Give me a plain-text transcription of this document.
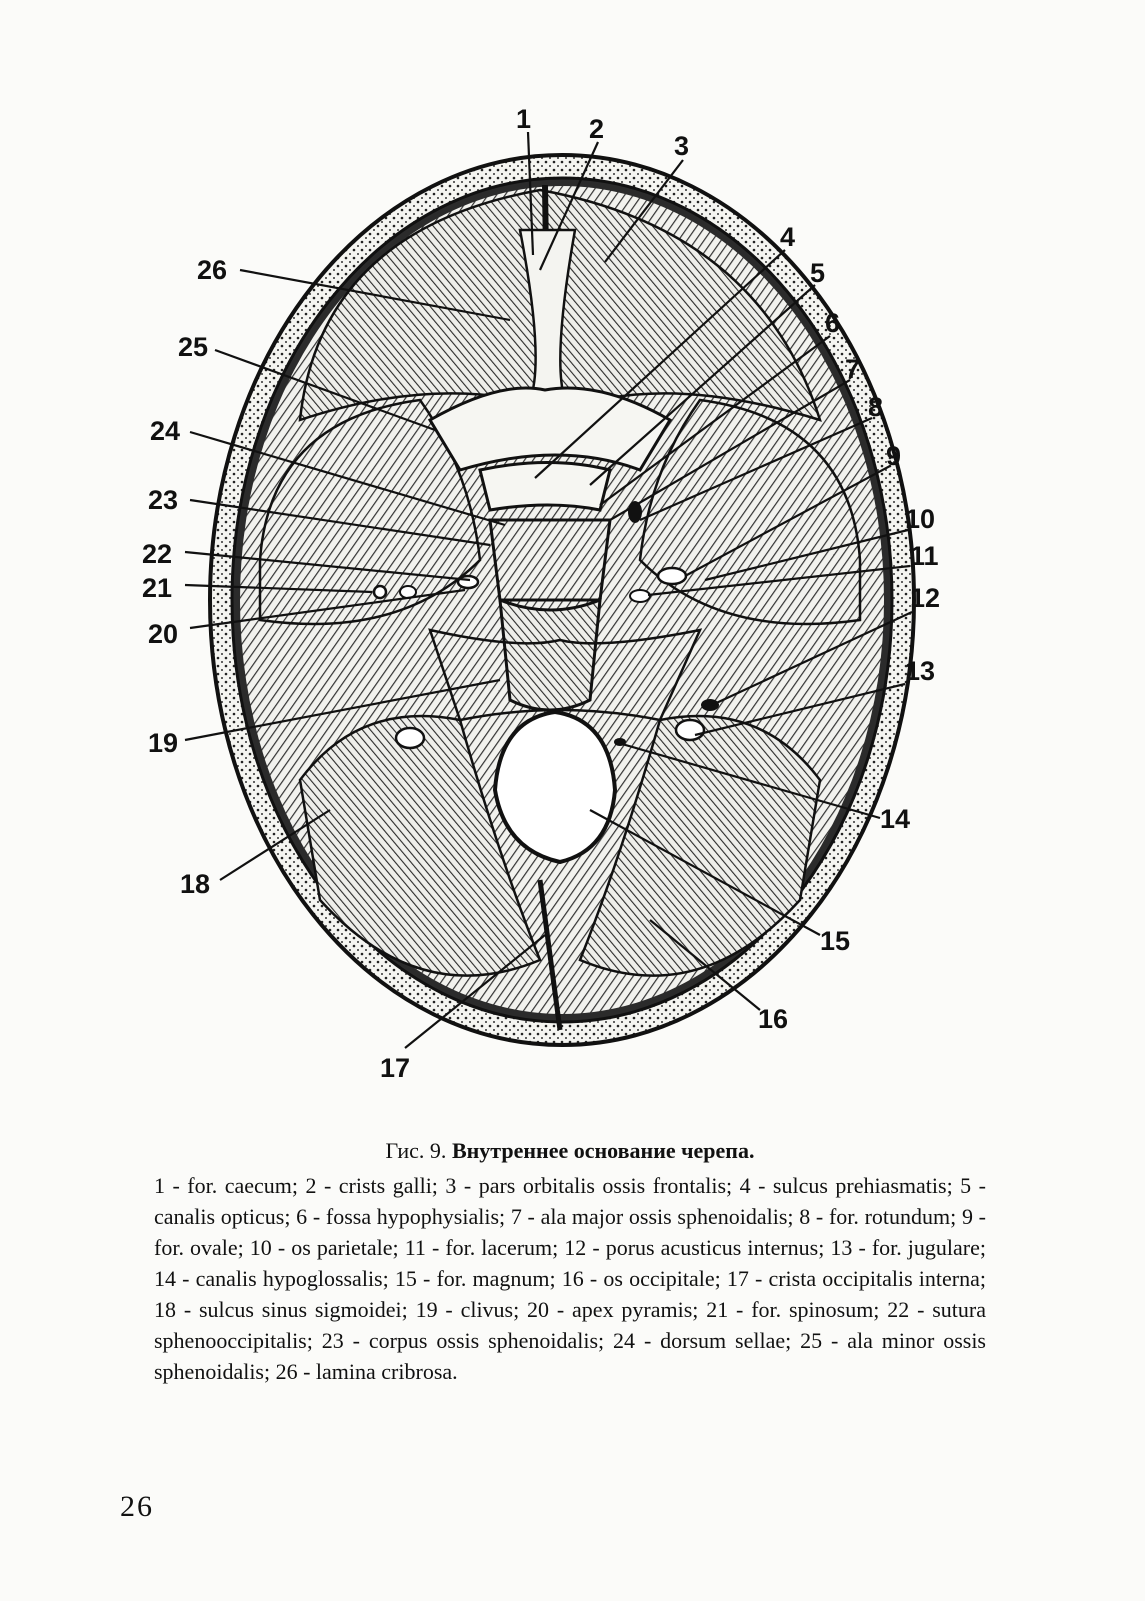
1 2
3
4
5
6
7
8
9
10
11
12
13
14
15
16
17
18
19
20
21
22
23
24
25
26

Гис. 9. Внутреннее основание черепа.

1 - for. caecum; 2 - crists galli; 3 - pars orbitalis ossis frontalis; 4 - sulcus prehiasmatis; 5 - canalis opticus; 6 - fossa hypophysialis; 7 - ala major ossis sphenoidalis; 8 - for. rotundum; 9 - for. ovale; 10 - os parietale; 11 - for. lacerum; 12 - porus acusticus internus; 13 - for. jugulare; 14 - canalis hypoglossalis; 15 - for. magnum; 16 - os occipitale; 17 - crista occipitalis interna; 18 - sulcus sinus sigmoidei; 19 - clivus; 20 - apex pyramis; 21 - for. spinosum; 22 - sutura sphenooccipitalis; 23 - corpus ossis sphenoidalis; 24 - dorsum sellae; 25 - ala minor ossis sphenoidalis; 26 - lamina cribrosa.

26
